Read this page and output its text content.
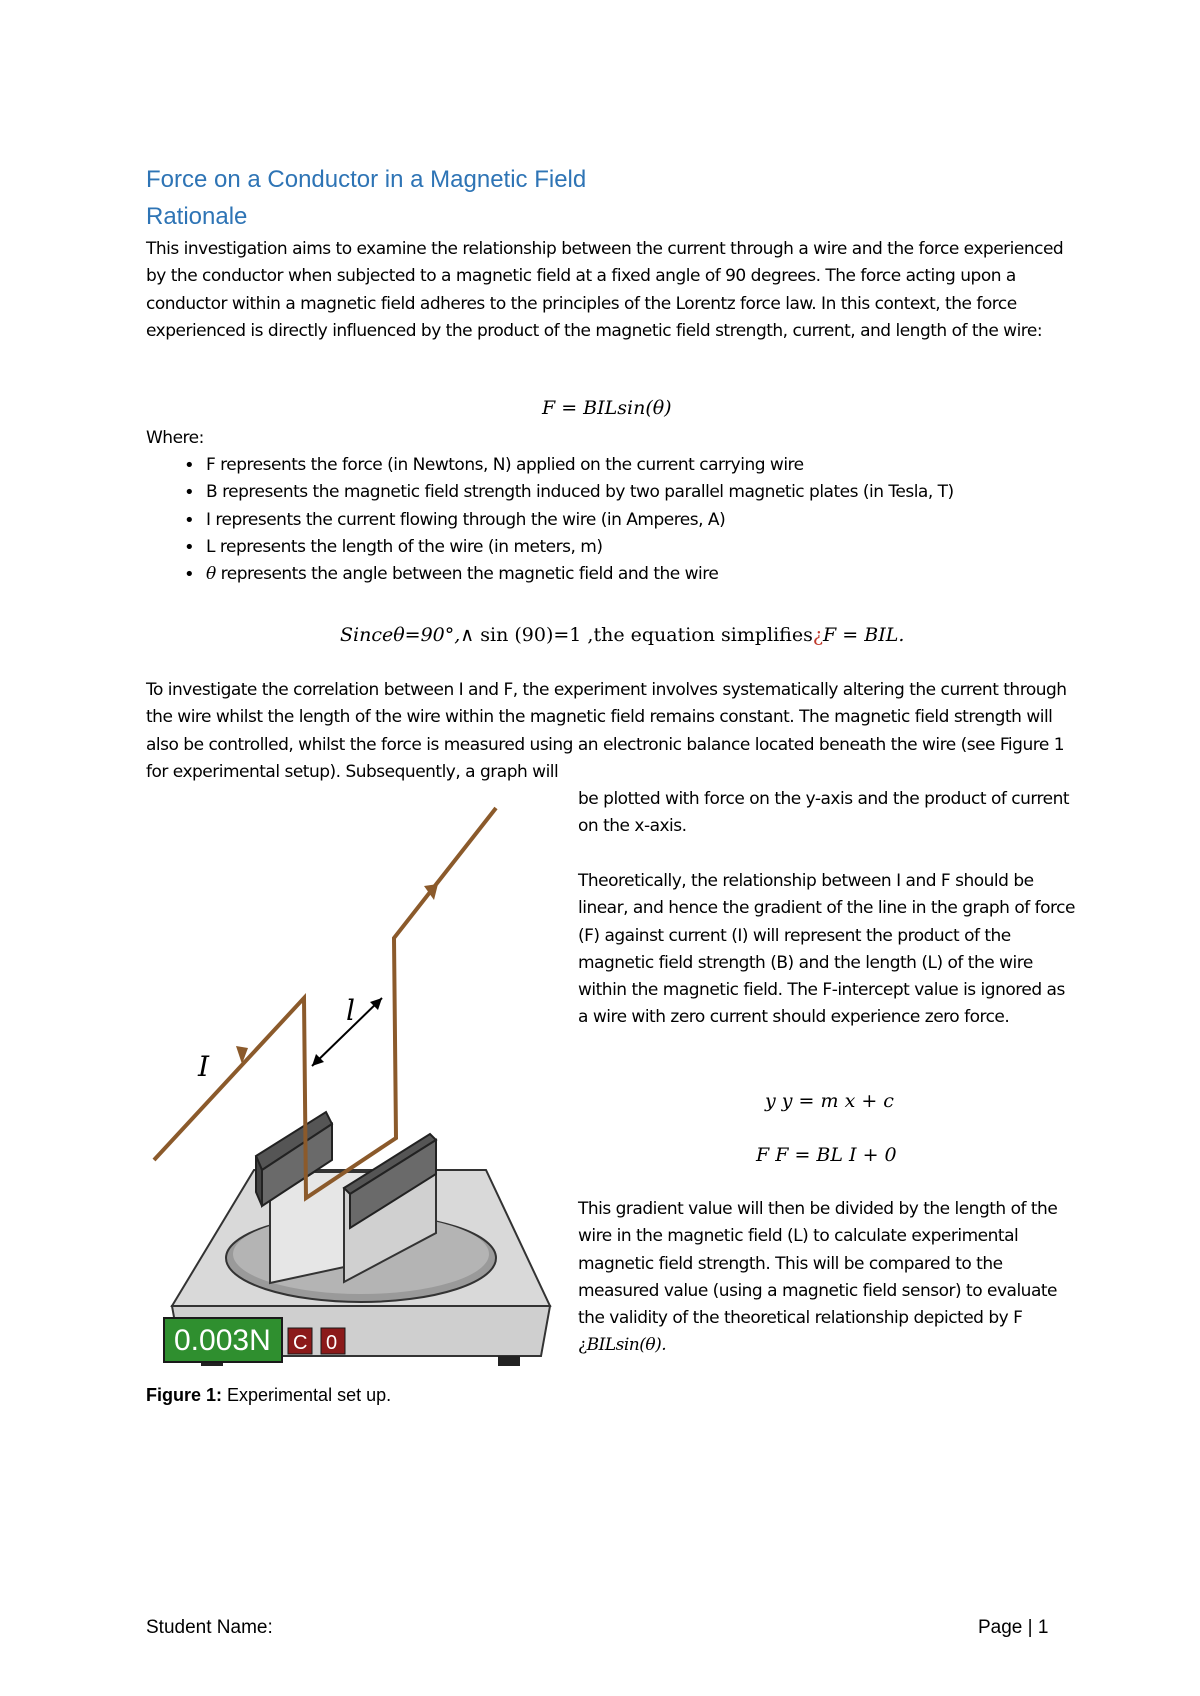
Force on a Conductor in a Magnetic Field
Rationale

This investigation aims to examine the relationship between the current through a wire and the force experienced by the conductor when subjected to a magnetic field at a fixed angle of 90 degrees. The force acting upon a conductor within a magnetic field adheres to the principles of the Lorentz force law. In this context, the force experienced is directly influenced by the product of the magnetic field strength, current, and length of the wire:

F = BILsin(θ)
Where:
• F represents the force (in Newtons, N) applied on the current carrying wire
• B represents the magnetic field strength induced by two parallel magnetic plates (in Tesla, T)
• I represents the current flowing through the wire (in Amperes, A)
• L represents the length of the wire (in meters, m)
• θ represents the angle between the magnetic field and the wire
Sinceθ=90°,∧ sin (90)=1 ,the equation simplifies¿F = BIL.

To investigate the correlation between I and F, the experiment involves systematically altering the current through the wire whilst the length of the wire within the magnetic field remains constant. The magnetic field strength will also be controlled, whilst the force is measured using an electronic balance located beneath the wire (see Figure 1 for experimental setup). Subsequently, a graph will

be plotted with force on the y-axis and the product of current on the x-axis.

Theoretically, the relationship between I and F should be linear, and hence the gradient of the line in the graph of force (F) against current (I) will represent the product of the magnetic field strength (B) and the length (L) of the wire within the magnetic field. The F-intercept value is ignored as a wire with zero current should experience zero force.

y y = m x + c
F F = BL I + 0

This gradient value will then be divided by the length of the wire in the magnetic field (L) to calculate experimental magnetic field strength. This will be compared to the measured value (using a magnetic field sensor) to evaluate the validity of the theoretical relationship depicted by F ¿BILsin(θ).

0.003N C 0
I
l
Figure 1: Experimental set up.
Student Name:	Page | 1
